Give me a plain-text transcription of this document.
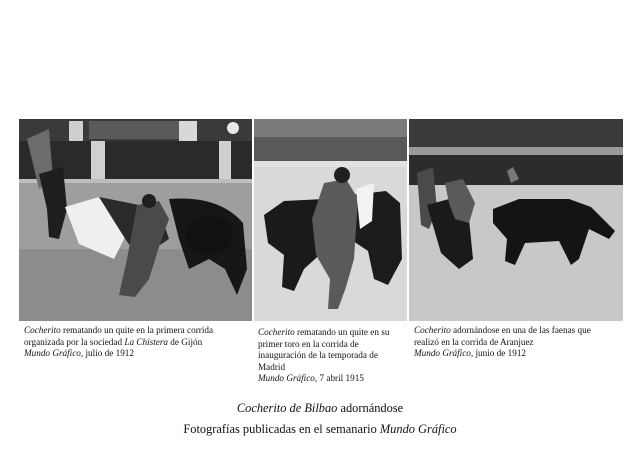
Cocherito rematando un quite en la primera corrida
organizada por la sociedad La Chistera de Gijón
Mundo Gráfico, julio de 1912
Cocherito rematando un quite en su
primer toro en la corrida de
inauguración de la temporada de
Madrid
Mundo Gráfico, 7 abril 1915
Cocherito adornándose en una de las faenas que
realizó en la corrida de Aranjuez
Mundo Gráfico, junio de 1912
Cocherito de Bilbao adornándose
Fotografías publicadas en el semanario Mundo Gráfico
